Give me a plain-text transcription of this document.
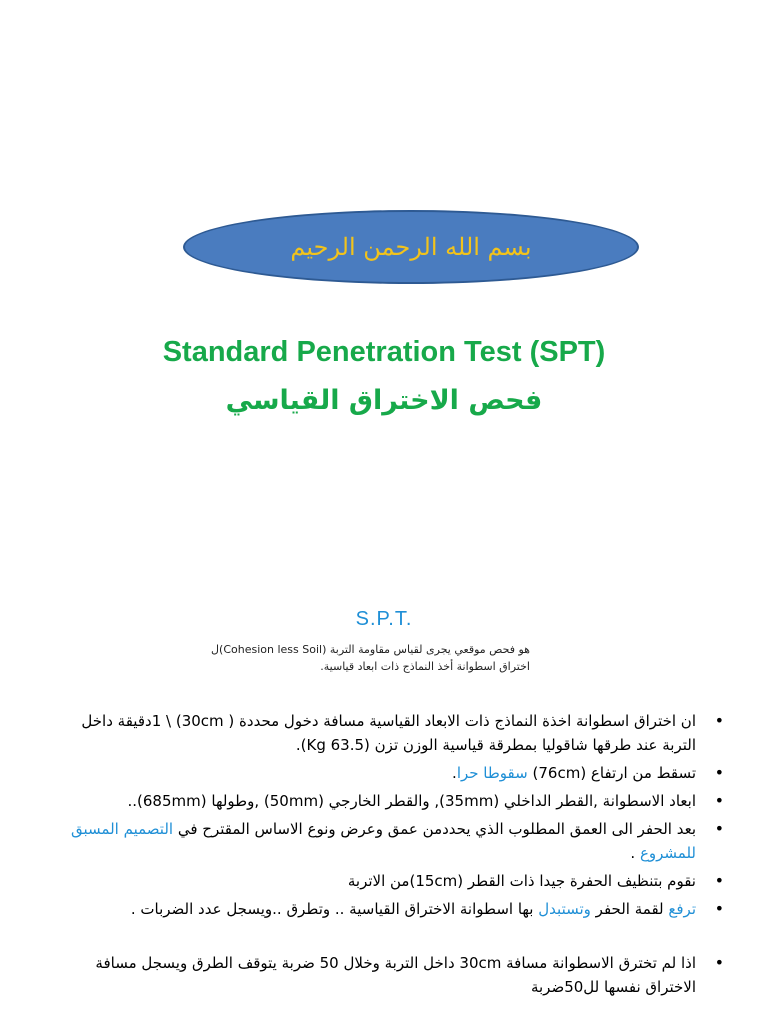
بسم الله الرحمن الرحيم
Standard Penetration Test (SPT)
فحص الاختراق القياسي
S.P.T.
هو فحص موقعي يجرى لقياس مقاومة التربة (Cohesion less Soil)ل
اختراق اسطوانة أخذ النماذج ذات ابعاد قياسية.
•
ان اختراق اسطوانة اخذة النماذج ذات الابعاد القياسية مسافة دخول محددة ( 30cm) \ 1دقيقة داخل التربة عند طرقها شاقوليا بمطرقة قياسية الوزن تزن (63.5 Kg).
•
تسقط من ارتفاع (76cm) سقوطا حرا.
•
ابعاد الاسطوانة ,القطر الداخلي (35mm), والقطر الخارجي (50mm) ,وطولها (685mm)..
•
بعد الحفر الى العمق المطلوب الذي يحددمن عمق وعرض ونوع الاساس المقترح في التصميم المسبق للمشروع .
•
نقوم بتنظيف الحفرة جيدا ذات القطر (15cm)من الاتربة
•
ترفع لقمة الحفر وتستبدل بها اسطوانة الاختراق القياسية .. وتطرق ..ويسجل عدد الضربات .
•
اذا لم تخترق الاسطوانة مسافة 30cm داخل التربة وخلال 50 ضربة يتوقف الطرق ويسجل مسافة الاختراق نفسها لل50ضربة
